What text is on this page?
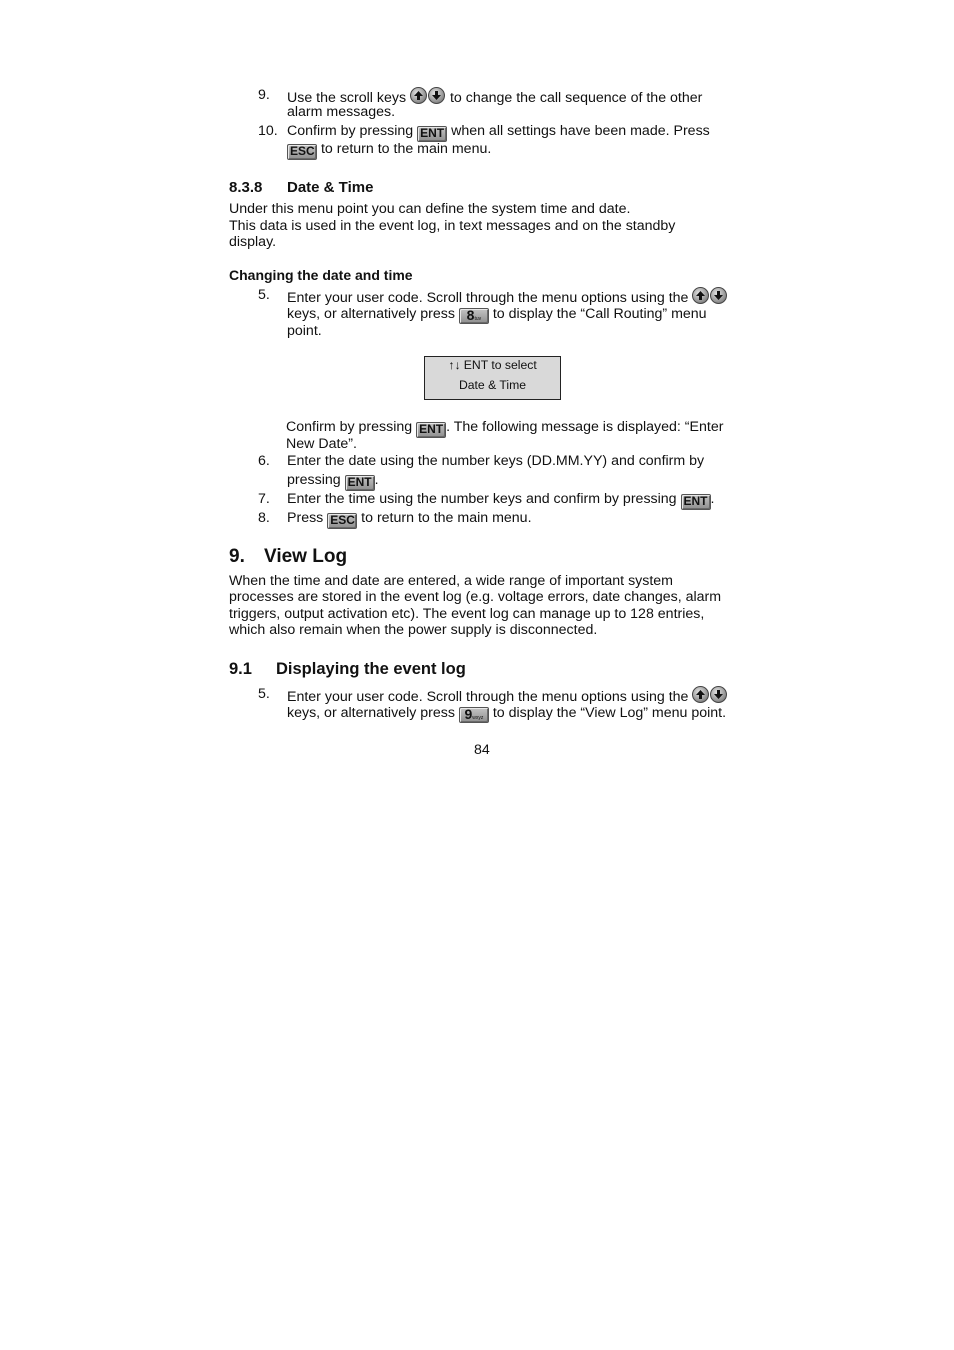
9. Use the scroll keys	to change the call sequence of the other
alarm messages.
10. Confirm by pressing ENT when all settings have been made. Press
ESC to return to the main menu.
8.3.8 Date & Time
Under this menu point you can define the system time and date.
This data is used in the event log, in text messages and on the standby
display.
Changing the date and time
5. Enter your user code. Scroll through the menu options using the
keys, or alternatively press 8tuv to display the “Call Routing” menu
point.
↑↓ ENT to select
Date & Time
Confirm by pressing ENT . The following message is displayed: “Enter
New Date”.
6. Enter the date using the number keys (DD.MM.YY) and confirm by
pressing ENT .
7. Enter the time using the number keys and confirm by pressing ENT .
8. Press ESC to return to the main menu.
9. View Log
When the time and date are entered, a wide range of important system
processes are stored in the event log (e.g. voltage errors, date changes, alarm
triggers, output activation etc). The event log can manage up to 128 entries,
which also remain when the power supply is disconnected.
9.1 Displaying the event log
5. Enter your user code. Scroll through the menu options using the
keys, or alternatively press 9wxyz to display the “View Log” menu point.
84
